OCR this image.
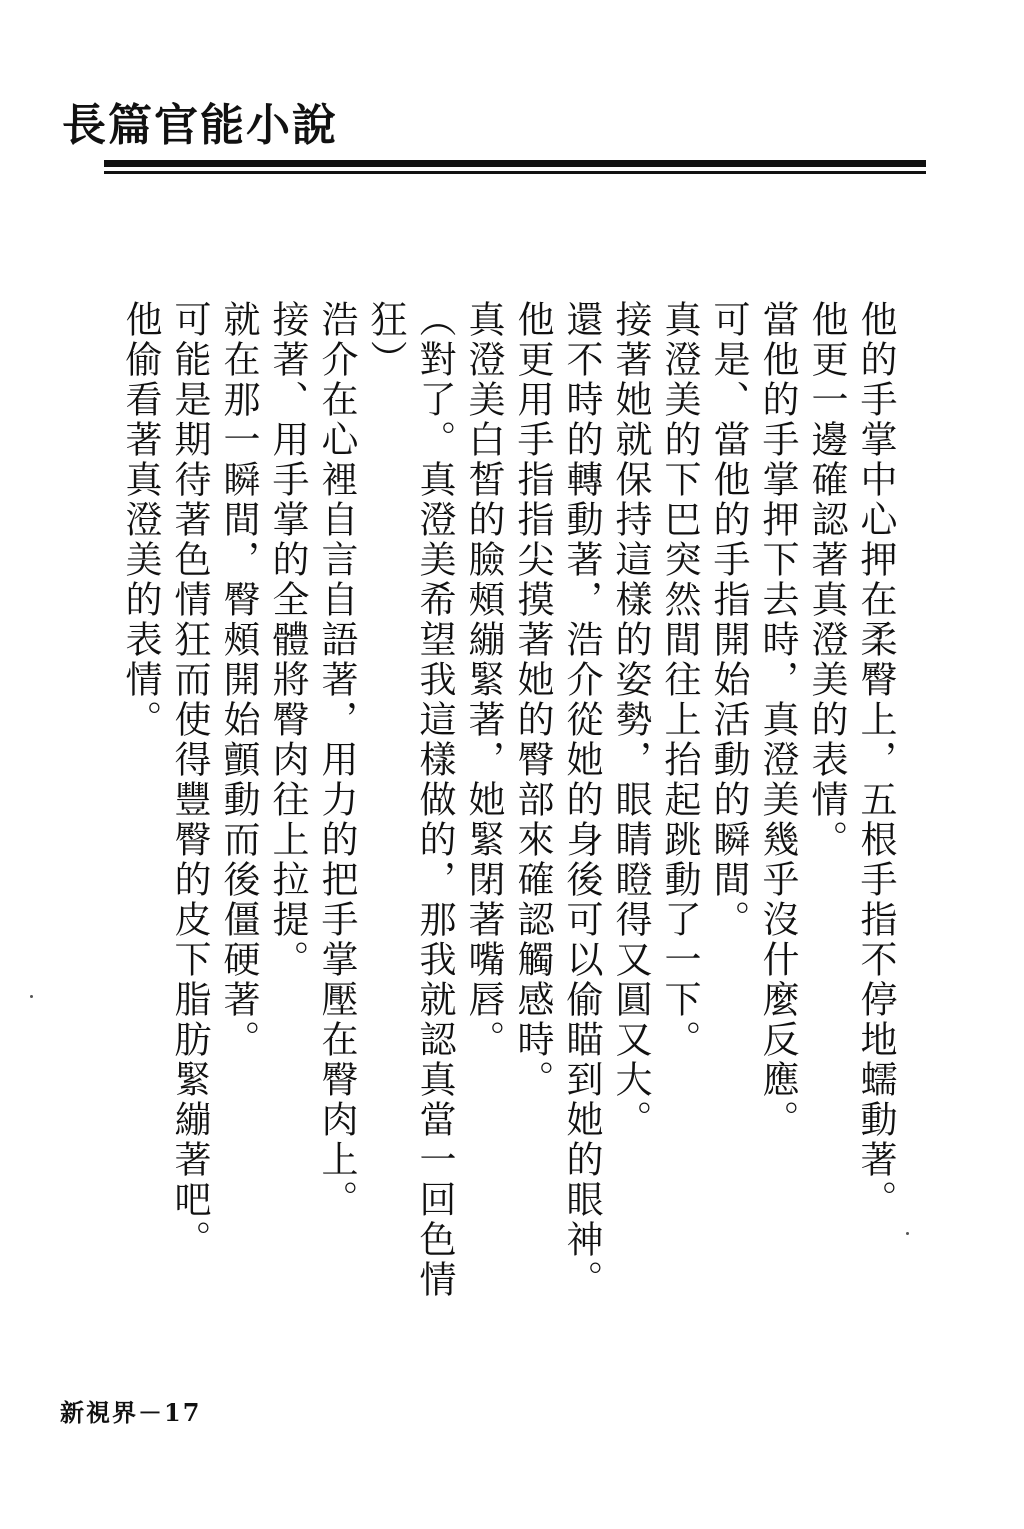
長篇官能小說

他的手掌中心押在柔臀上，五根手指不停地蠕動著。

他更一邊確認著真澄美的表情。

當他的手掌押下去時，真澄美幾乎沒什麼反應。

可是、當他的手指開始活動的瞬間。

真澄美的下巴突然間往上抬起跳動了一下。

接著她就保持這樣的姿勢，眼睛瞪得又圓又大。

還不時的轉動著，浩介從她的身後可以偷瞄到她的眼神。

他更用手指指尖摸著她的臀部來確認觸感時。

真澄美白皙的臉頰繃緊著，她緊閉著嘴唇。

（對了。真澄美希望我這樣做的，那我就認真當一回色情狂）

浩介在心裡自言自語著，用力的把手掌壓在臀肉上。

接著、用手掌的全體將臀肉往上拉提。

就在那一瞬間，臀頰開始顫動而後僵硬著。

可能是期待著色情狂而使得豐臀的皮下脂肪緊繃著吧。

他偷看著真澄美的表情。

新視界－17
